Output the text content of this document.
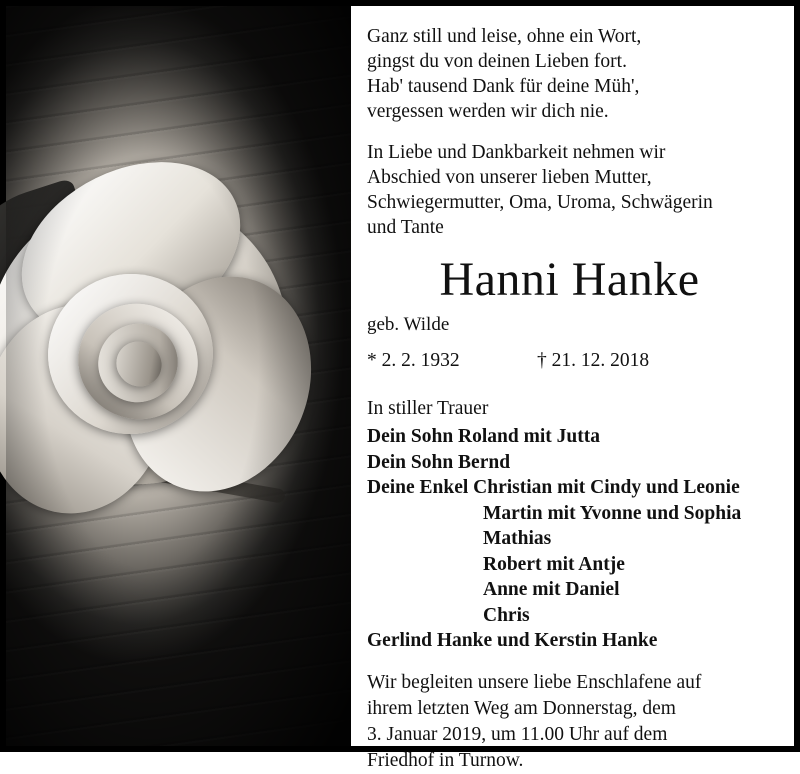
Ganz still und leise, ohne ein Wort,
gingst du von deinen Lieben fort.
Hab' tausend Dank für deine Müh',
vergessen werden wir dich nie.
In Liebe und Dankbarkeit nehmen wir
Abschied von unserer lieben Mutter,
Schwiegermutter, Oma, Uroma, Schwägerin
und Tante
Hanni Hanke
geb. Wilde
* 2. 2. 1932	† 21. 12. 2018
In stiller Trauer
Dein Sohn Roland mit Jutta
Dein Sohn Bernd
Deine Enkel Christian mit Cindy und Leonie
Martin mit Yvonne und Sophia
Mathias
Robert mit Antje
Anne mit Daniel
Chris
Gerlind Hanke und Kerstin Hanke
Wir begleiten unsere liebe Enschlafene auf
ihrem letzten Weg am Donnerstag, dem
3. Januar 2019, um 11.00 Uhr auf dem
Friedhof in Turnow.
